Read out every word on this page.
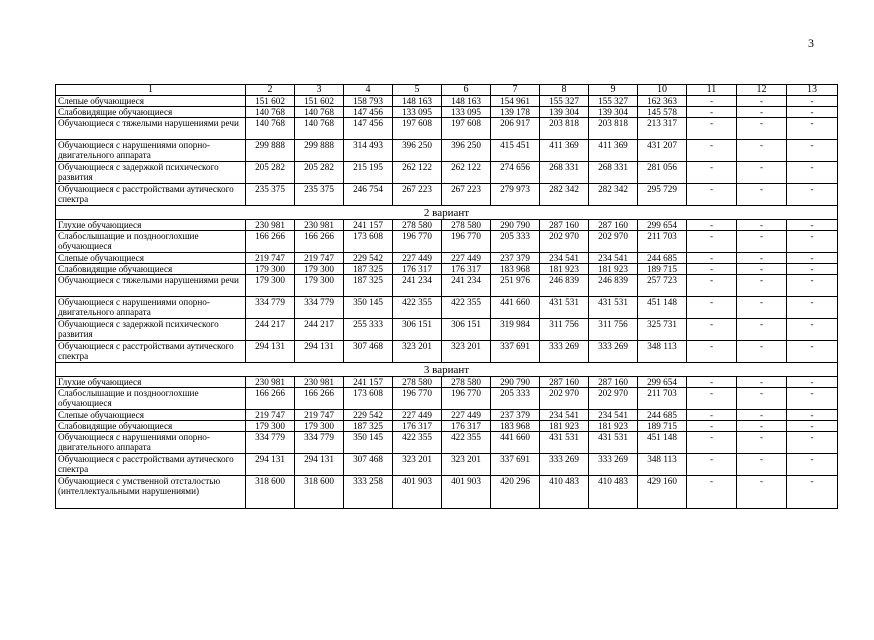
3
1	2	3	4	5	6	7	8	9	10	11	12	13
Слепые обучающиеся	151 602	151 602	158 793	148 163	148 163	154 961	155 327	155 327	162 363	-	-	-
Слабовидящие обучающиеся	140 768	140 768	147 456	133 095	133 095	139 178	139 304	139 304	145 578	-	-	-
Обучающиеся с тяжелыми нарушениями речи	140 768	140 768	147 456	197 608	197 608	206 917	203 818	203 818	213 317	-	-	-
Обучающиеся с нарушениями опорно-двигательного аппарата	299 888	299 888	314 493	396 250	396 250	415 451	411 369	411 369	431 207	-	-	-
Обучающиеся с задержкой психического развития	205 282	205 282	215 195	262 122	262 122	274 656	268 331	268 331	281 056	-	-	-
Обучающиеся с расстройствами аутического спектра	235 375	235 375	246 754	267 223	267 223	279 973	282 342	282 342	295 729	-	-	-
2 вариант												
Глухие обучающиеся	230 981	230 981	241 157	278 580	278 580	290 790	287 160	287 160	299 654	-	-	-
Слабослышащие и позднооглохшие обучающиеся	166 266	166 266	173 608	196 770	196 770	205 333	202 970	202 970	211 703	-	-	-
Слепые обучающиеся	219 747	219 747	229 542	227 449	227 449	237 379	234 541	234 541	244 685	-	-	-
Слабовидящие обучающиеся	179 300	179 300	187 325	176 317	176 317	183 968	181 923	181 923	189 715	-	-	-
Обучающиеся с тяжелыми нарушениями речи	179 300	179 300	187 325	241 234	241 234	251 976	246 839	246 839	257 723	-	-	-
Обучающиеся с нарушениями опорно-двигательного аппарата	334 779	334 779	350 145	422 355	422 355	441 660	431 531	431 531	451 148	-	-	-
Обучающиеся с задержкой психического развития	244 217	244 217	255 333	306 151	306 151	319 984	311 756	311 756	325 731	-	-	-
Обучающиеся с расстройствами аутического спектра	294 131	294 131	307 468	323 201	323 201	337 691	333 269	333 269	348 113	-	-	-
3 вариант												
Глухие обучающиеся	230 981	230 981	241 157	278 580	278 580	290 790	287 160	287 160	299 654	-	-	-
Слабослышащие и позднооглохшие обучающиеся	166 266	166 266	173 608	196 770	196 770	205 333	202 970	202 970	211 703	-	-	-
Слепые обучающиеся	219 747	219 747	229 542	227 449	227 449	237 379	234 541	234 541	244 685	-	-	-
Слабовидящие обучающиеся	179 300	179 300	187 325	176 317	176 317	183 968	181 923	181 923	189 715	-	-	-
Обучающиеся с нарушениями опорно-двигательного аппарата	334 779	334 779	350 145	422 355	422 355	441 660	431 531	431 531	451 148	-	-	-
Обучающиеся с расстройствами аутического спектра	294 131	294 131	307 468	323 201	323 201	337 691	333 269	333 269	348 113	-	-	-
Обучающиеся с умственной отсталостью (интеллектуальными нарушениями)	318 600	318 600	333 258	401 903	401 903	420 296	410 483	410 483	429 160	-	-	-
